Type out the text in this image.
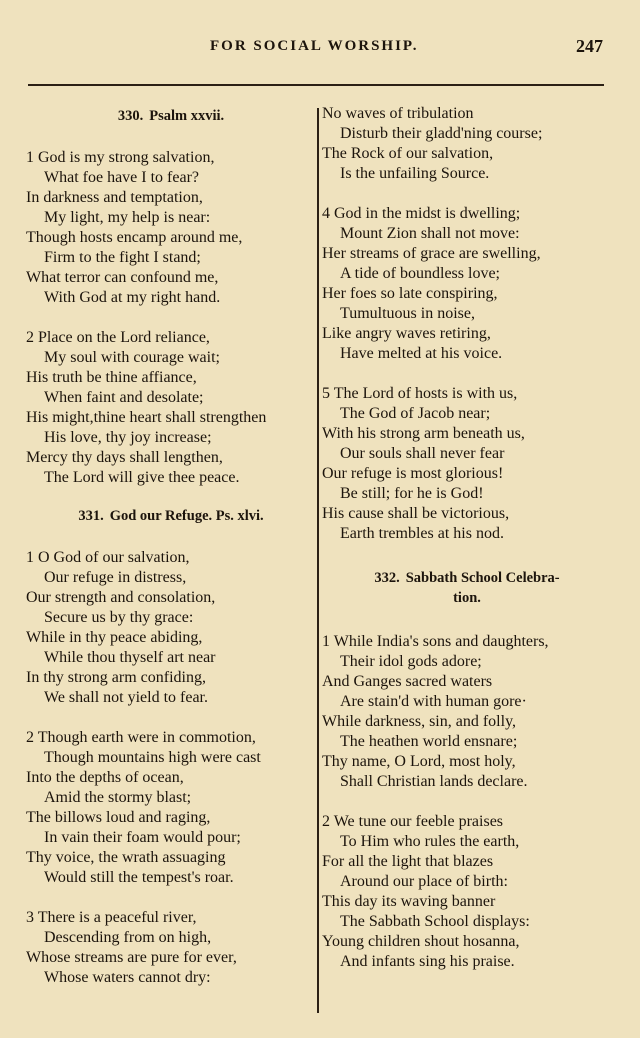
FOR SOCIAL WORSHIP.	247
330. Psalm xxvii.
1 God is my strong salvation,
What foe have I to fear?
In darkness and temptation,
My light, my help is near:
Though hosts encamp around me,
Firm to the fight I stand;
What terror can confound me,
With God at my right hand.
2 Place on the Lord reliance,
My soul with courage wait;
His truth be thine affiance,
When faint and desolate;
His might,thine heart shall strengthen
His love, thy joy increase;
Mercy thy days shall lengthen,
The Lord will give thee peace.
331. God our Refuge. Ps. xlvi.
1 O God of our salvation,
Our refuge in distress,
Our strength and consolation,
Secure us by thy grace:
While in thy peace abiding,
While thou thyself art near
In thy strong arm confiding,
We shall not yield to fear.
2 Though earth were in commotion,
Though mountains high were cast
Into the depths of ocean,
Amid the stormy blast;
The billows loud and raging,
In vain their foam would pour;
Thy voice, the wrath assuaging
Would still the tempest's roar.
3 There is a peaceful river,
Descending from on high,
Whose streams are pure for ever,
Whose waters cannot dry:
No waves of tribulation
Disturb their gladd'ning course;
The Rock of our salvation,
Is the unfailing Source.
4 God in the midst is dwelling;
Mount Zion shall not move:
Her streams of grace are swelling,
A tide of boundless love;
Her foes so late conspiring,
Tumultuous in noise,
Like angry waves retiring,
Have melted at his voice.
5 The Lord of hosts is with us,
The God of Jacob near;
With his strong arm beneath us,
Our souls shall never fear
Our refuge is most glorious!
Be still; for he is God!
His cause shall be victorious,
Earth trembles at his nod.
332. Sabbath School Celebra-
tion.
1 While India's sons and daughters,
Their idol gods adore;
And Ganges sacred waters
Are stain'd with human gore·
While darkness, sin, and folly,
The heathen world ensnare;
Thy name, O Lord, most holy,
Shall Christian lands declare.
2 We tune our feeble praises
To Him who rules the earth,
For all the light that blazes
Around our place of birth:
This day its waving banner
The Sabbath School displays:
Young children shout hosanna,
And infants sing his praise.
